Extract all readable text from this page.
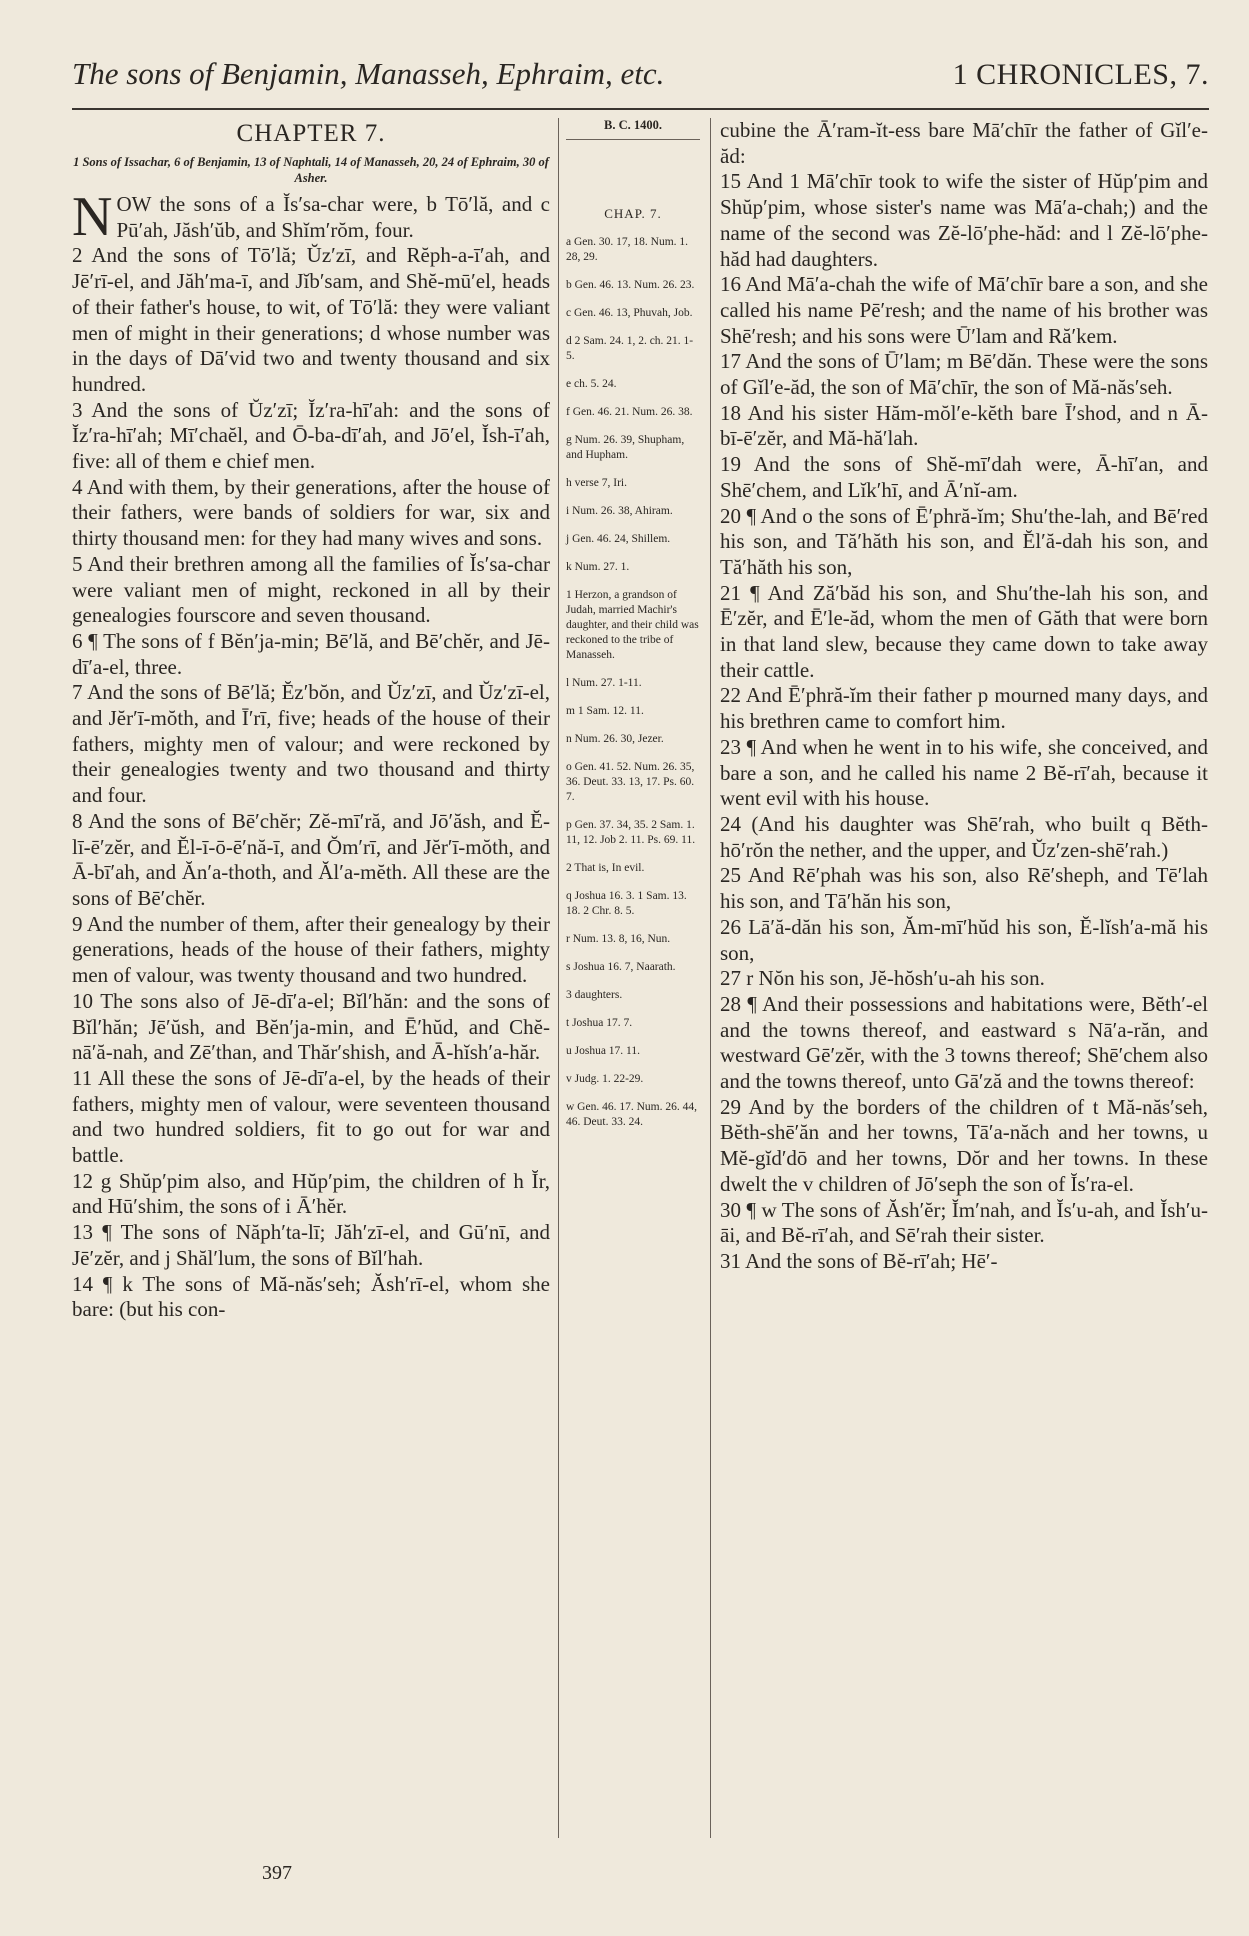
The sons of Benjamin, Manasseh, Ephraim, etc.	1 CHRONICLES, 7.
CHAPTER 7.
1 Sons of Issachar, 6 of Benjamin, 13 of Naphtali, 14 of Manasseh, 20, 24 of Ephraim, 30 of Asher.

NOW the sons of a Ĭs′sa-char were, b Tō′lă, and c Pū′ah, Jăsh′ŭb, and Shĭm′rŏm, four.

2 And the sons of Tō′lă; Ŭz′zī, and Rĕph-a-ī′ah, and Jē′rī-el, and Jăh′ma-ī, and Jĭb′sam, and Shĕ-mū′el, heads of their father's house, to wit, of Tō′lă: they were valiant men of might in their generations; d whose number was in the days of Dā′vid two and twenty thousand and six hundred.

3 And the sons of Ŭz′zī; Ĭz′ra-hī′ah: and the sons of Ĭz′ra-hī′ah; Mī′chaĕl, and Ō-ba-dī′ah, and Jō′el, Ĭsh-ī′ah, five: all of them e chief men.

4 And with them, by their generations, after the house of their fathers, were bands of soldiers for war, six and thirty thousand men: for they had many wives and sons.

5 And their brethren among all the families of Ĭs′sa-char were valiant men of might, reckoned in all by their genealogies fourscore and seven thousand.

6 ¶ The sons of f Bĕn′ja-min; Bē′lă, and Bē′chĕr, and Jē-dī′a-el, three.

7 And the sons of Bē′lă; Ĕz′bŏn, and Ŭz′zī, and Ŭz′zī-el, and Jĕr′ī-mŏth, and Ī′rī, five; heads of the house of their fathers, mighty men of valour; and were reckoned by their genealogies twenty and two thousand and thirty and four.

8 And the sons of Bē′chĕr; Zĕ-mī′ră, and Jō′ăsh, and Ĕ-lī-ē′zĕr, and Ĕl-ī-ō-ē′nă-ī, and Ŏm′rī, and Jĕr′ī-mŏth, and Ā-bī′ah, and Ăn′a-thoth, and Ăl′a-mĕth. All these are the sons of Bē′chĕr.

9 And the number of them, after their genealogy by their generations, heads of the house of their fathers, mighty men of valour, was twenty thousand and two hundred.

10 The sons also of Jē-dī′a-el; Bĭl′hăn: and the sons of Bĭl′hăn; Jē′ŭsh, and Bĕn′ja-min, and Ē′hŭd, and Chĕ-nā′ă-nah, and Zē′than, and Thăr′shish, and Ā-hĭsh′a-hăr.

11 All these the sons of Jē-dī′a-el, by the heads of their fathers, mighty men of valour, were seventeen thousand and two hundred soldiers, fit to go out for war and battle.

12 g Shŭp′pim also, and Hŭp′pim, the children of h Ĭr, and Hū′shim, the sons of i Ā′hĕr.

13 ¶ The sons of Năph′ta-lī; Jăh′zī-el, and Gū′nī, and Jē′zĕr, and j Shăl′lum, the sons of Bĭl′hah.

14 ¶ k The sons of Mă-năs′seh; Ăsh′rī-el, whom she bare: (but his con-

B. C. 1400.
CHAP. 7.

a Gen. 30. 17, 18. Num. 1. 28, 29.

b Gen. 46. 13. Num. 26. 23.

c Gen. 46. 13, Phuvah, Job.

d 2 Sam. 24. 1, 2. ch. 21. 1-5.

e ch. 5. 24.

f Gen. 46. 21. Num. 26. 38.

g Num. 26. 39, Shupham, and Hupham.

h verse 7, Iri.

i Num. 26. 38, Ahiram.

j Gen. 46. 24, Shillem.

k Num. 27. 1.

1 Herzon, a grandson of Judah, married Machir's daughter, and their child was reckoned to the tribe of Manasseh.

l Num. 27. 1-11.

m 1 Sam. 12. 11.

n Num. 26. 30, Jezer.

o Gen. 41. 52. Num. 26. 35, 36. Deut. 33. 13, 17. Ps. 60. 7.

p Gen. 37. 34, 35. 2 Sam. 1. 11, 12. Job 2. 11. Ps. 69. 11.

2 That is, In evil.

q Joshua 16. 3. 1 Sam. 13. 18. 2 Chr. 8. 5.

r Num. 13. 8, 16, Nun.

s Joshua 16. 7, Naarath.

3 daughters.

t Joshua 17. 7.

u Joshua 17. 11.

v Judg. 1. 22-29.

w Gen. 46. 17. Num. 26. 44, 46. Deut. 33. 24.

cubine the Ā′ram-ĭt-ess bare Mā′chīr the father of Gĭl′e-ăd:

15 And 1 Mā′chīr took to wife the sister of Hŭp′pim and Shŭp′pim, whose sister's name was Mā′a-chah;) and the name of the second was Zĕ-lō′phe-hăd: and l Zĕ-lō′phe-hăd had daughters.

16 And Mā′a-chah the wife of Mā′chīr bare a son, and she called his name Pē′resh; and the name of his brother was Shē′resh; and his sons were Ū′lam and Ră′kem.

17 And the sons of Ū′lam; m Bē′dăn. These were the sons of Gĭl′e-ăd, the son of Mā′chīr, the son of Mă-năs′seh.

18 And his sister Hăm-mŏl′e-kĕth bare Ī′shod, and n Ā-bī-ē′zĕr, and Mă-hă′lah.

19 And the sons of Shĕ-mī′dah were, Ā-hī′an, and Shē′chem, and Lĭk′hī, and Ā′nĭ-am.

20 ¶ And o the sons of Ē′phră-ĭm; Shu′the-lah, and Bē′red his son, and Tă′hăth his son, and Ĕl′ă-dah his son, and Tă′hăth his son,

21 ¶ And Ză′băd his son, and Shu′the-lah his son, and Ē′zĕr, and Ē′le-ăd, whom the men of Găth that were born in that land slew, because they came down to take away their cattle.

22 And Ē′phră-ĭm their father p mourned many days, and his brethren came to comfort him.

23 ¶ And when he went in to his wife, she conceived, and bare a son, and he called his name 2 Bĕ-rī′ah, because it went evil with his house.

24 (And his daughter was Shē′rah, who built q Bĕth-hō′rŏn the nether, and the upper, and Ŭz′zen-shē′rah.)

25 And Rē′phah was his son, also Rē′sheph, and Tē′lah his son, and Tā′hăn his son,

26 Lā′ă-dăn his son, Ăm-mī′hŭd his son, Ĕ-lĭsh′a-mă his son,

27 r Nŏn his son, Jĕ-hŏsh′u-ah his son.

28 ¶ And their possessions and habitations were, Bĕth′-el and the towns thereof, and eastward s Nā′a-răn, and westward Gē′zĕr, with the 3 towns thereof; Shē′chem also and the towns thereof, unto Gā′ză and the towns thereof:

29 And by the borders of the children of t Mă-năs′seh, Bĕth-shē′ăn and her towns, Tā′a-năch and her towns, u Mĕ-gĭd′dō and her towns, Dŏr and her towns. In these dwelt the v children of Jō′seph the son of Ĭs′ra-el.

30 ¶ w The sons of Ăsh′ĕr; Ĭm′nah, and Ĭs′u-ah, and Ĭsh′u-āi, and Bĕ-rī′ah, and Sē′rah their sister.

31 And the sons of Bĕ-rī′ah; Hē′-

397
